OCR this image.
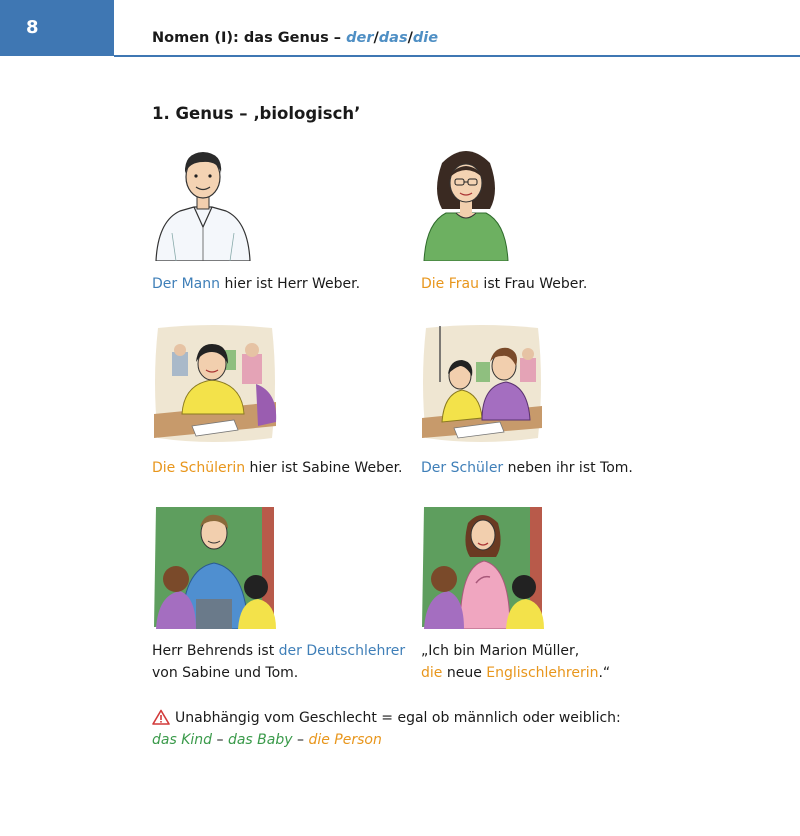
8	Nomen (I): das Genus – der/das/die
1. Genus – ‚biologisch’
Der Mann hier ist Herr Weber.	Die Frau ist Frau Weber.
Die Schülerin hier ist Sabine Weber. Der Schüler neben ihr ist Tom.
Herr Behrends ist der Deutschlehrer
von Sabine und Tom.
„Ich bin Marion Müller,
die neue Englischlehrerin.“
Unabhängig vom Geschlecht = egal ob männlich oder weiblich:
das Kind – das Baby – die Person
